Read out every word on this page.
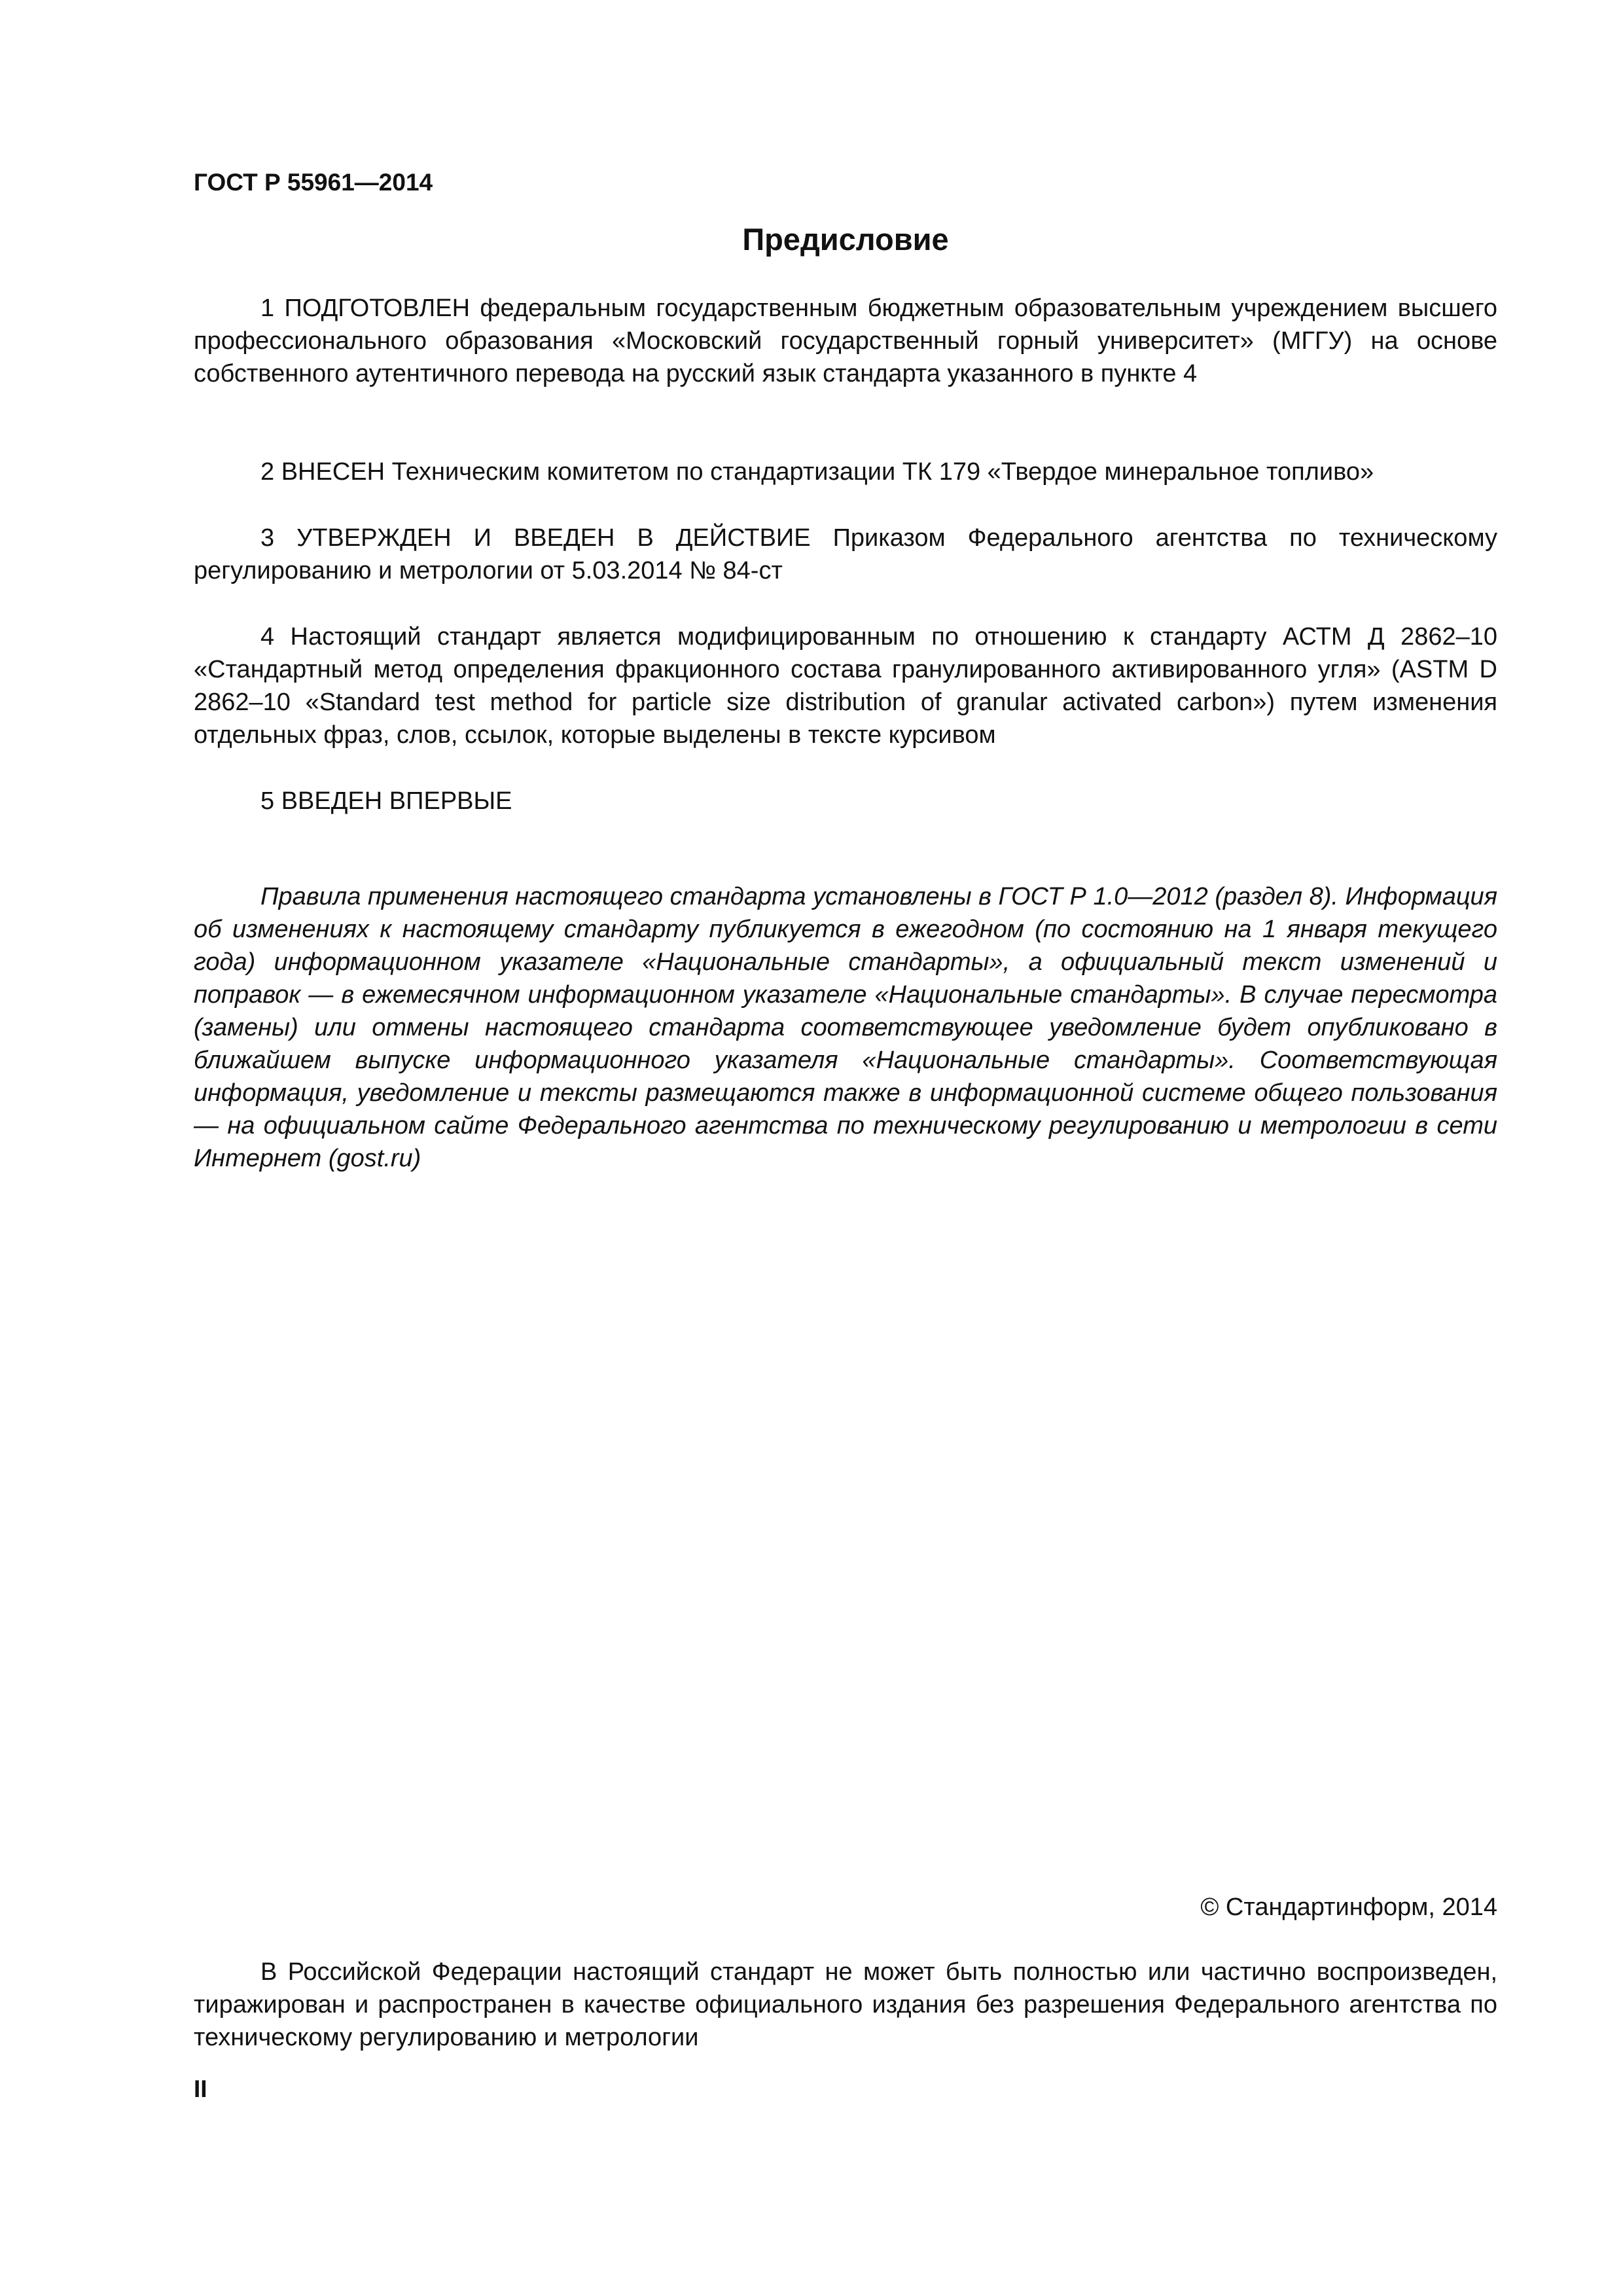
ГОСТ Р 55961—2014

Предисловие

1 ПОДГОТОВЛЕН федеральным государственным бюджетным образовательным учреждением высшего профессионального образования «Московский государственный горный университет» (МГГУ) на основе собственного аутентичного перевода на русский язык стандарта указанного в пункте 4

2 ВНЕСЕН Техническим комитетом по стандартизации ТК 179 «Твердое минеральное топливо»

3 УТВЕРЖДЕН И ВВЕДЕН В ДЕЙСТВИЕ Приказом Федерального агентства по техническому регулированию и метрологии от 5.03.2014 № 84-ст

4 Настоящий стандарт является модифицированным по отношению к стандарту АСТМ Д 2862–10 «Стандартный метод определения фракционного состава гранулированного активированного угля» (ASTM D 2862–10 «Standard test method for particle size distribution of granular activated carbon») путем изменения отдельных фраз, слов, ссылок, которые выделены в тексте курсивом

5 ВВЕДЕН ВПЕРВЫЕ

Правила применения настоящего стандарта установлены в ГОСТ Р 1.0—2012 (раздел 8). Информация об изменениях к настоящему стандарту публикуется в ежегодном (по состоянию на 1 января текущего года) информационном указателе «Национальные стандарты», а официальный текст изменений и поправок — в ежемесячном информационном указателе «Национальные стандарты». В случае пересмотра (замены) или отмены настоящего стандарта соответствующее уведомление будет опубликовано в ближайшем выпуске информационного указателя «Национальные стандарты». Соответствующая информация, уведомление и тексты размещаются также в информационной системе общего пользования — на официальном сайте Федерального агентства по техническому регулированию и метрологии в сети Интернет (gost.ru)

© Стандартинформ, 2014

В Российской Федерации настоящий стандарт не может быть полностью или частично воспроизведен, тиражирован и распространен в качестве официального издания без разрешения Федерального агентства по техническому регулированию и метрологии

II
